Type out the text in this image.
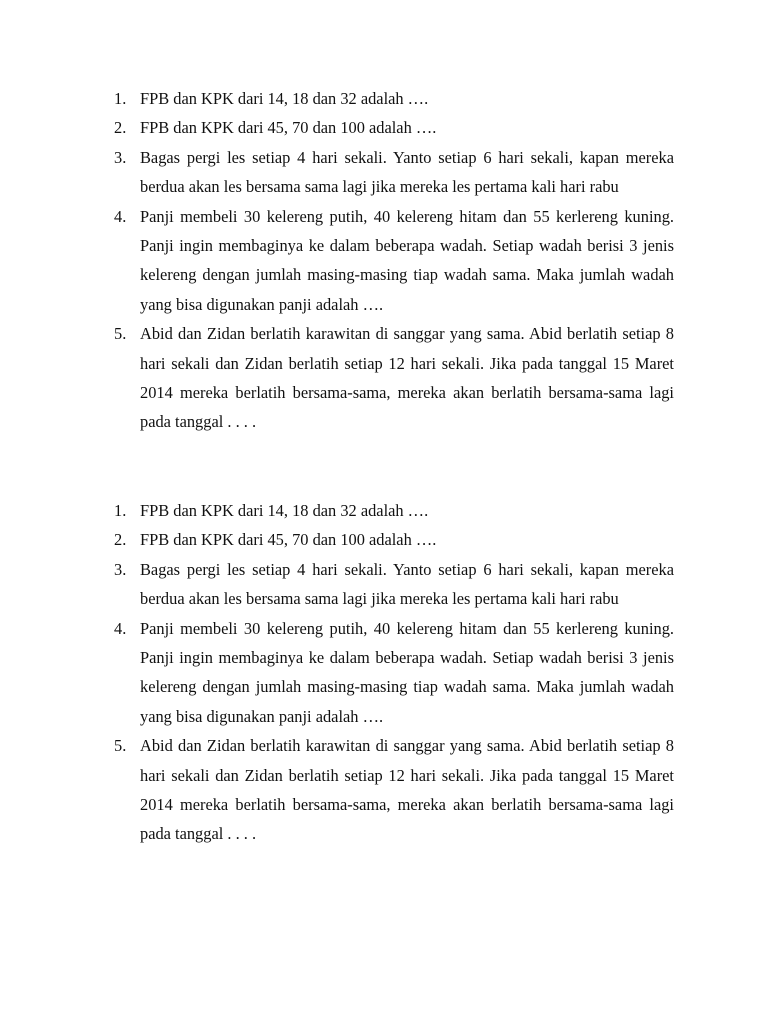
1. FPB dan KPK dari 14, 18 dan 32 adalah ….
2. FPB dan KPK dari 45, 70 dan 100 adalah ….
3. Bagas pergi les setiap 4 hari sekali. Yanto setiap 6 hari sekali, kapan mereka berdua akan les bersama sama lagi jika mereka les pertama kali hari rabu
4. Panji membeli 30 kelereng putih, 40 kelereng hitam dan 55 kerlereng kuning. Panji ingin membaginya ke dalam beberapa wadah. Setiap wadah berisi 3 jenis kelereng dengan jumlah masing-masing tiap wadah sama. Maka jumlah wadah yang bisa digunakan panji adalah ….
5. Abid dan Zidan berlatih karawitan di sanggar yang sama. Abid berlatih setiap 8 hari sekali dan Zidan berlatih setiap 12 hari sekali. Jika pada tanggal 15 Maret 2014 mereka berlatih bersama-sama, mereka akan berlatih bersama-sama lagi pada tanggal . . . .
1. FPB dan KPK dari 14, 18 dan 32 adalah ….
2. FPB dan KPK dari 45, 70 dan 100 adalah ….
3. Bagas pergi les setiap 4 hari sekali. Yanto setiap 6 hari sekali, kapan mereka berdua akan les bersama sama lagi jika mereka les pertama kali hari rabu
4. Panji membeli 30 kelereng putih, 40 kelereng hitam dan 55 kerlereng kuning. Panji ingin membaginya ke dalam beberapa wadah. Setiap wadah berisi 3 jenis kelereng dengan jumlah masing-masing tiap wadah sama. Maka jumlah wadah yang bisa digunakan panji adalah ….
5. Abid dan Zidan berlatih karawitan di sanggar yang sama. Abid berlatih setiap 8 hari sekali dan Zidan berlatih setiap 12 hari sekali. Jika pada tanggal 15 Maret 2014 mereka berlatih bersama-sama, mereka akan berlatih bersama-sama lagi pada tanggal . . . .
